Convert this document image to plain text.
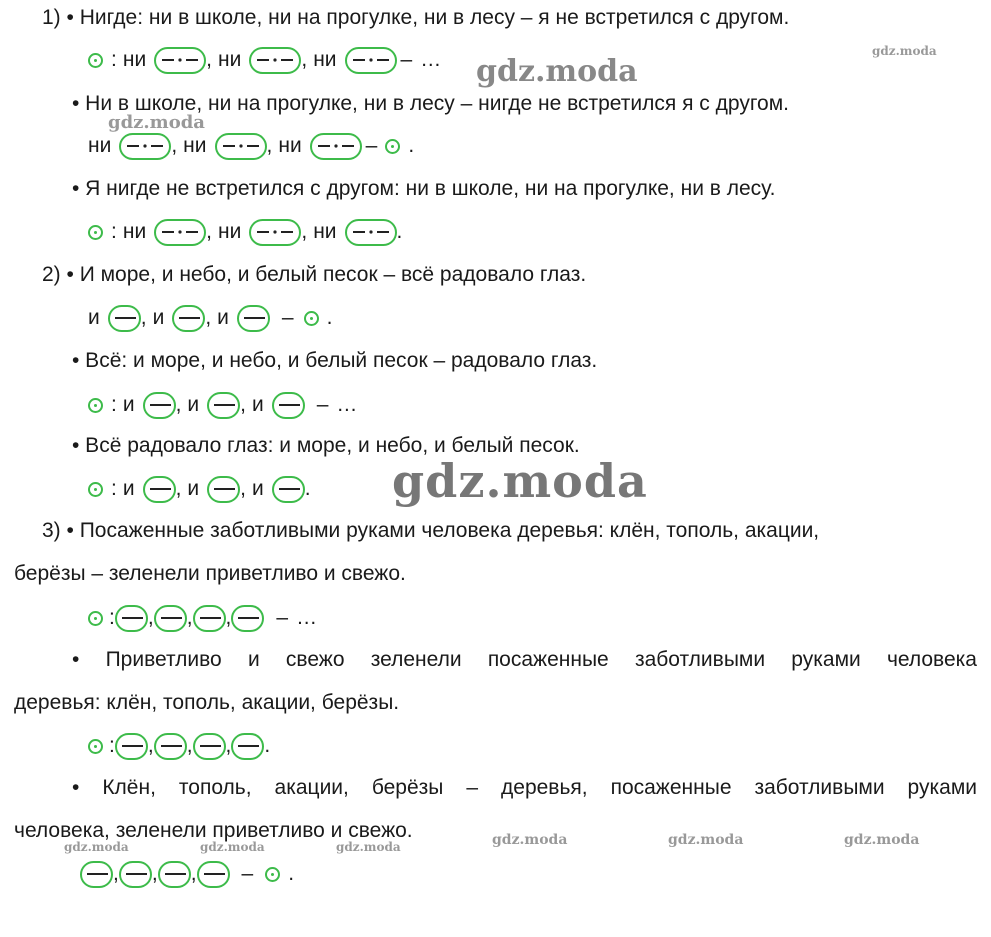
1) • Нигде: ни в школе, ни на прогулке, ни в лесу – я не встретился с другом.
: ни	, ни	, ни	– …
• Ни в школе, ни на прогулке, ни в лесу – нигде не встретился я с другом.
ни	, ни	, ни	– .
• Я нигде не встретился с другом: ни в школе, ни на прогулке, ни в лесу.
: ни	, ни	, ни	.
2) • И море, и небо, и белый песок – всё радовало глаз.
и , и , и	– .
• Всё: и море, и небо, и белый песок – радовало глаз.
: и , и , и	– …
• Всё радовало глаз: и море, и небо, и белый песок.
: и , и , и .
3) • Посаженные заботливыми руками человека деревья: клён, тополь, акации,
берёзы – зеленели приветливо и свежо.
: , , , – …
• Приветливо и свежо зеленели посаженные заботливыми руками человека
деревья: клён, тополь, акации, берёзы.
: , , , .
• Клён, тополь, акации, берёзы – деревья, посаженные заботливыми руками
человека, зеленели приветливо и свежо.
, , , – .
gdz.moda
gdz.moda
gdz.moda
gdz.moda
gdz.moda	gdz.moda	gdz.moda	gdz.moda	gdz.moda	gdz.moda
